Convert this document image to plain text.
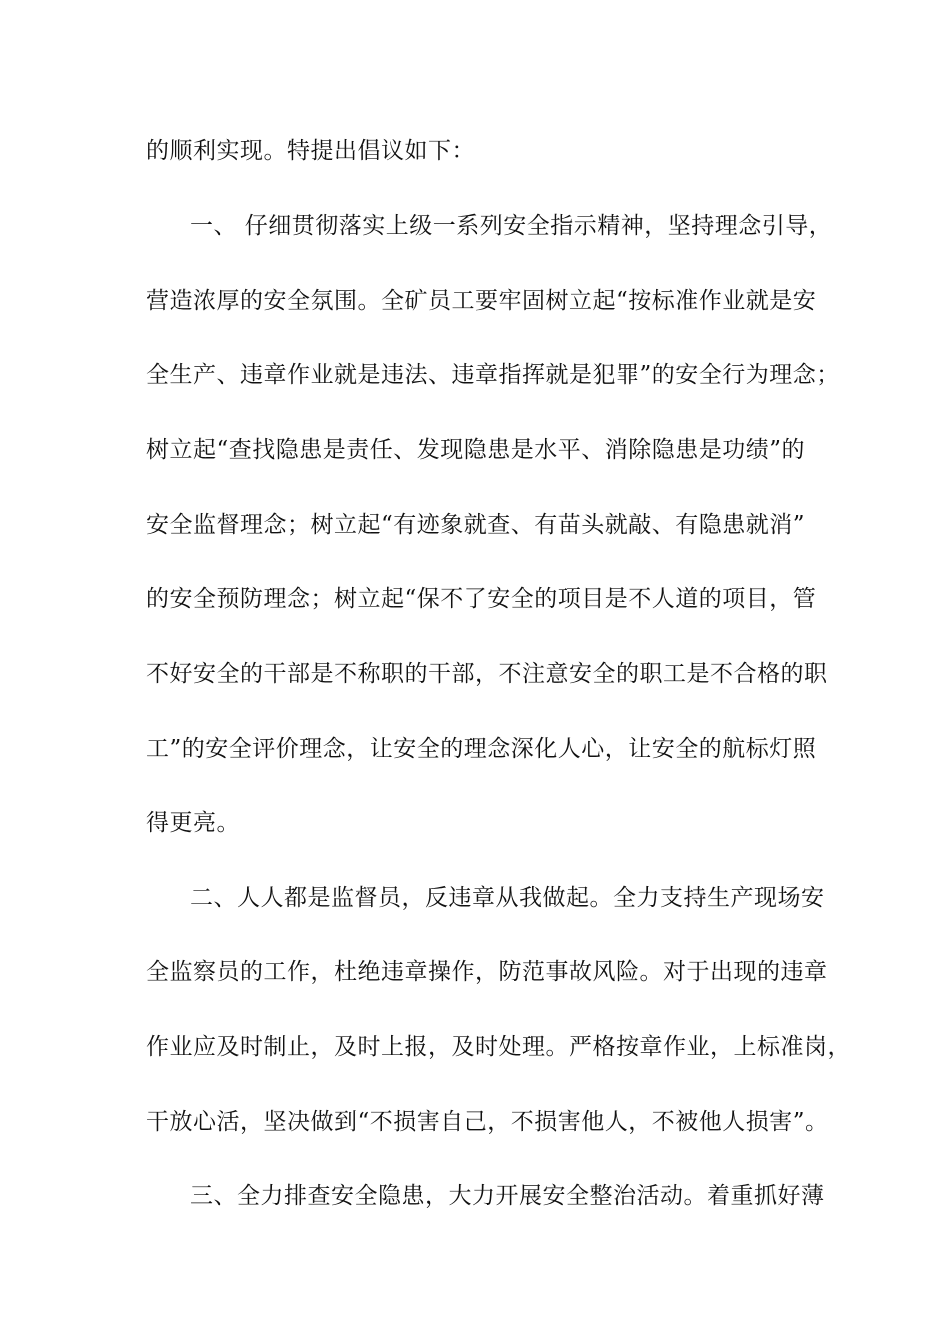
的顺利实现。特提出倡议如下：
一、 仔细贯彻落实上级一系列安全指示精神，坚持理念引导，
营造浓厚的安全氛围。全矿员工要牢固树立起“按标准作业就是安
全生产、违章作业就是违法、违章指挥就是犯罪”的安全行为理念；
树立起“查找隐患是责任、发现隐患是水平、消除隐患是功绩”的
安全监督理念；树立起“有迹象就查、有苗头就敲、有隐患就消”
的安全预防理念；树立起“保不了安全的项目是不人道的项目，管
不好安全的干部是不称职的干部，不注意安全的职工是不合格的职
工”的安全评价理念，让安全的理念深化人心，让安全的航标灯照
得更亮。
二、人人都是监督员，反违章从我做起。全力支持生产现场安
全监察员的工作，杜绝违章操作，防范事故风险。对于出现的违章
作业应及时制止，及时上报，及时处理。严格按章作业，上标准岗，
干放心活，坚决做到“不损害自己，不损害他人，不被他人损害”。
三、全力排查安全隐患，大力开展安全整治活动。着重抓好薄
